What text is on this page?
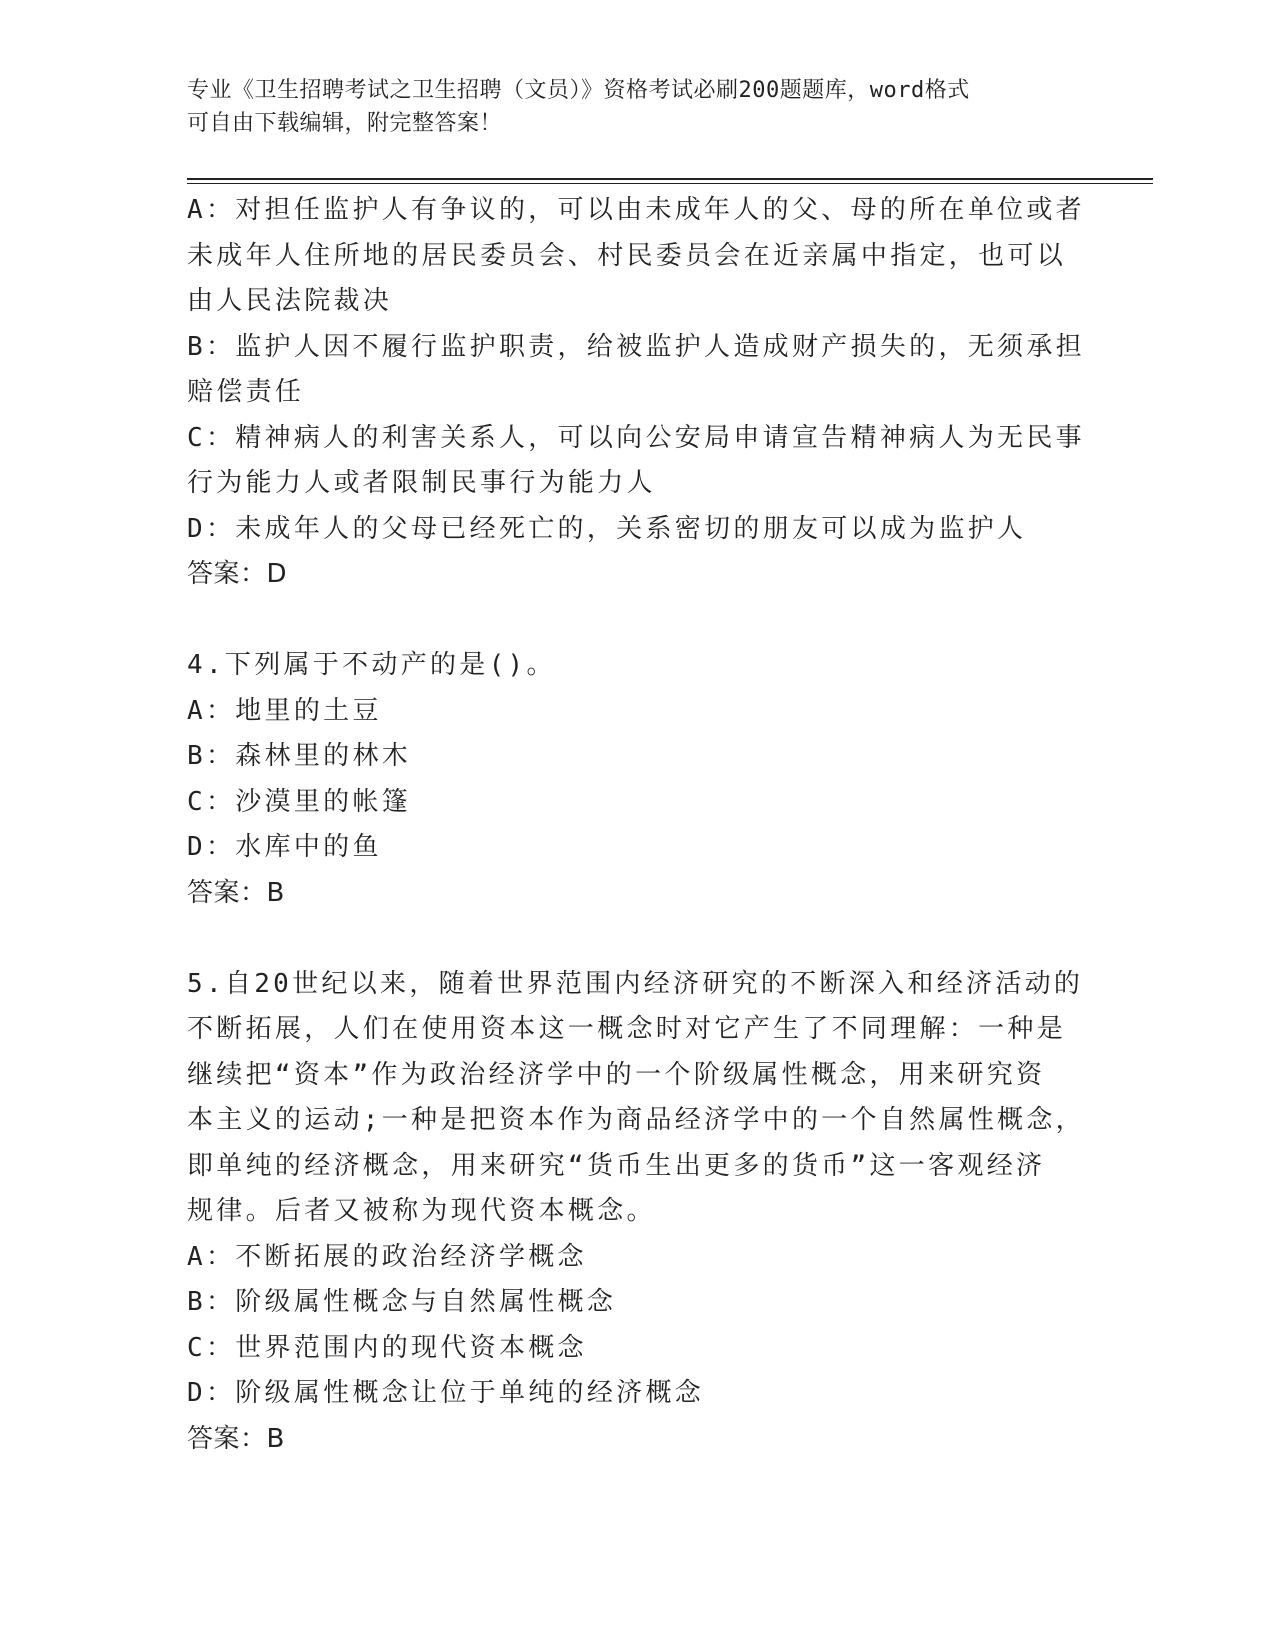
专业《卫生招聘考试之卫生招聘（文员）》资格考试必刷200题题库，word格式
可自由下载编辑，附完整答案！
A：对担任监护人有争议的，可以由未成年人的父、母的所在单位或者
未成年人住所地的居民委员会、村民委员会在近亲属中指定，也可以
由人民法院裁决
B：监护人因不履行监护职责，给被监护人造成财产损失的，无须承担
赔偿责任
C：精神病人的利害关系人，可以向公安局申请宣告精神病人为无民事
行为能力人或者限制民事行为能力人
D：未成年人的父母已经死亡的，关系密切的朋友可以成为监护人
答案：D
4.下列属于不动产的是()。
A：地里的土豆
B：森林里的林木
C：沙漠里的帐篷
D：水库中的鱼
答案：B
5.自20世纪以来，随着世界范围内经济研究的不断深入和经济活动的
不断拓展，人们在使用资本这一概念时对它产生了不同理解：一种是
继续把“资本”作为政治经济学中的一个阶级属性概念，用来研究资
本主义的运动;一种是把资本作为商品经济学中的一个自然属性概念，
即单纯的经济概念，用来研究“货币生出更多的货币”这一客观经济
规律。后者又被称为现代资本概念。
A：不断拓展的政治经济学概念
B：阶级属性概念与自然属性概念
C：世界范围内的现代资本概念
D：阶级属性概念让位于单纯的经济概念
答案：B
